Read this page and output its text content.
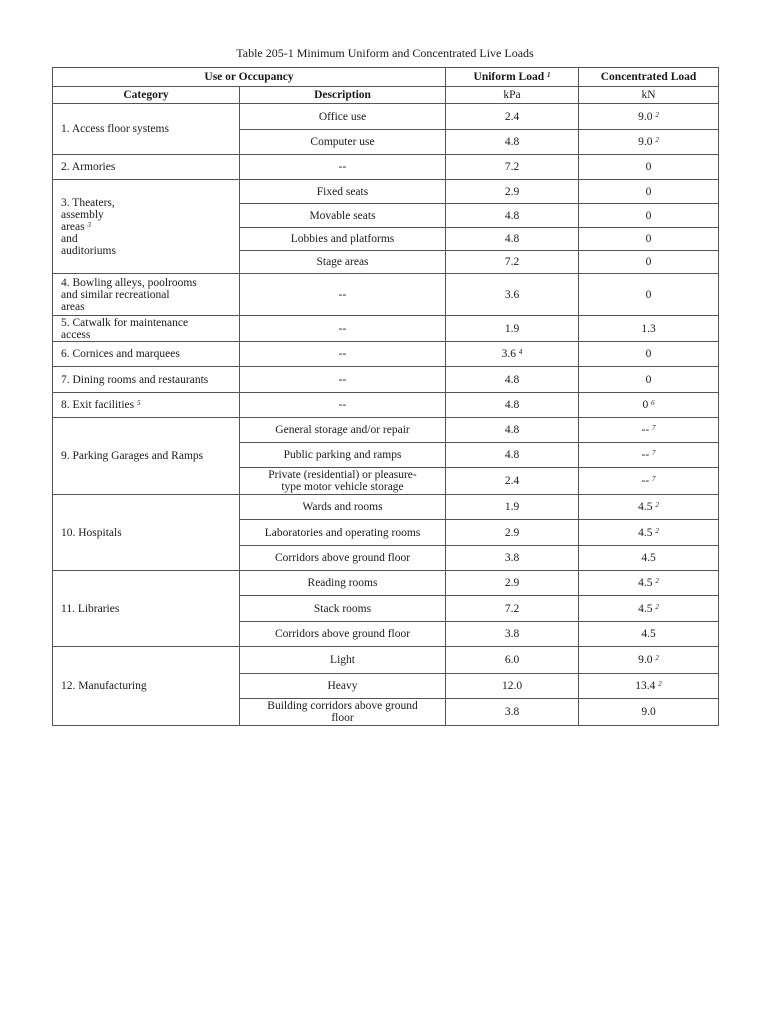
Table 205-1 Minimum Uniform and Concentrated Live Loads
Use or Occupancy		Uniform Load $^1$	Concentrated Load
Category	Description	kPa	kN
1. Access floor systems	Office use	2.4	9.0 $^2$
	Computer use	4.8	9.0 $^2$
2. Armories	--	7.2	0
3. Theaters,
assembly
areas $^3$
and
auditoriums	Fixed seats	2.9	0
	Movable seats	4.8	0
	Lobbies and platforms	4.8	0
	Stage areas	7.2	0
4. Bowling alleys, poolrooms
and similar recreational
areas	--	3.6	0
5. Catwalk for maintenance
access	--	1.9	1.3
6. Cornices and marquees	--	3.6 $^4$	0
7. Dining rooms and restaurants	--	4.8	0
8. Exit facilities $^5$	--	4.8	0 $^6$
9. Parking Garages and Ramps	General storage and/or repair	4.8	-- $^7$
	Public parking and ramps	4.8	-- $^7$
	Private (residential) or pleasure-
type motor vehicle storage	2.4	-- $^7$
10. Hospitals	Wards and rooms	1.9	4.5 $^2$
	Laboratories and operating rooms	2.9	4.5 $^2$
	Corridors above ground floor	3.8	4.5
11. Libraries	Reading rooms	2.9	4.5 $^2$
	Stack rooms	7.2	4.5 $^2$
	Corridors above ground floor	3.8	4.5
12. Manufacturing	Light	6.0	9.0 $^2$
	Heavy	12.0	13.4 $^2$
	Building corridors above ground
floor	3.8	9.0
